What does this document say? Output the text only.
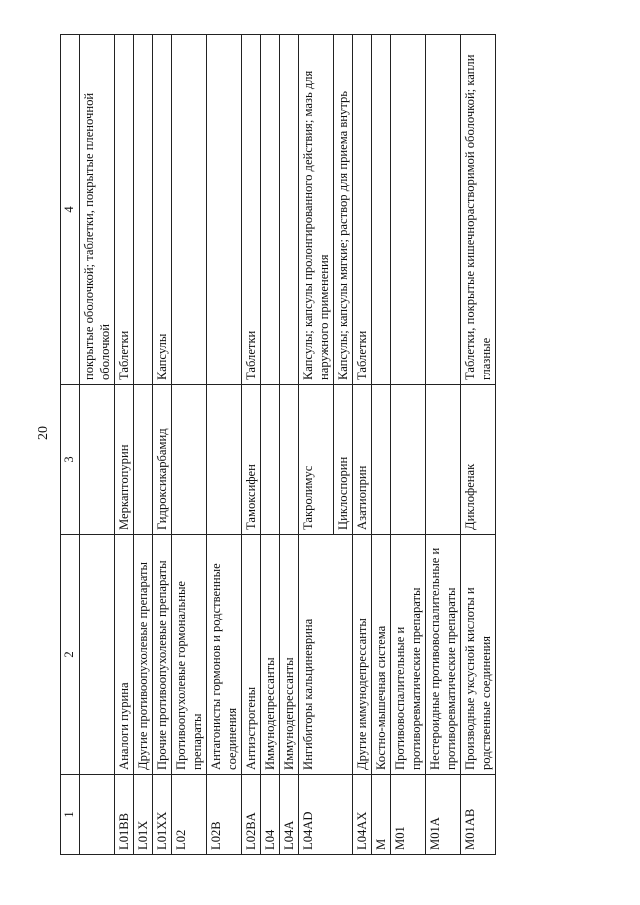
20
1	2	3	4
			покрытые оболочкой; таблетки, покрытые пленочной оболочкой
L01BB	Аналоги пурина	Меркаптопурин	Таблетки
L01X	Другие противоопухолевые препараты		
L01XX	Прочие противоопухолевые препараты	Гидроксикарбамид	Капсулы
L02	Противоопухолевые гормональные препараты		
L02B	Антагонисты гормонов и родственные соединения		
L02BA	Антиэстрогены	Тамоксифен	Таблетки
L04	Иммунодепрессанты		
L04A	Иммунодепрессанты		
L04AD	Ингибиторы кальциневрина	Такролимус	Капсулы; капсулы пролонгированного действия; мазь для наружного применения
		Циклоспорин	Капсулы; капсулы мягкие; раствор для приема внутрь
L04AX	Другие иммунодепрессанты	Азатиоприн	Таблетки
M	Костно-мышечная система		
M01	Противовоспалительные и противоревматические препараты		
M01A	Нестероидные противовоспалительные и противоревматические препараты		
M01AB	Производные уксусной кислоты и родственные соединения	Диклофенак	Таблетки, покрытые кишечнорастворимой оболочкой; капли глазные
